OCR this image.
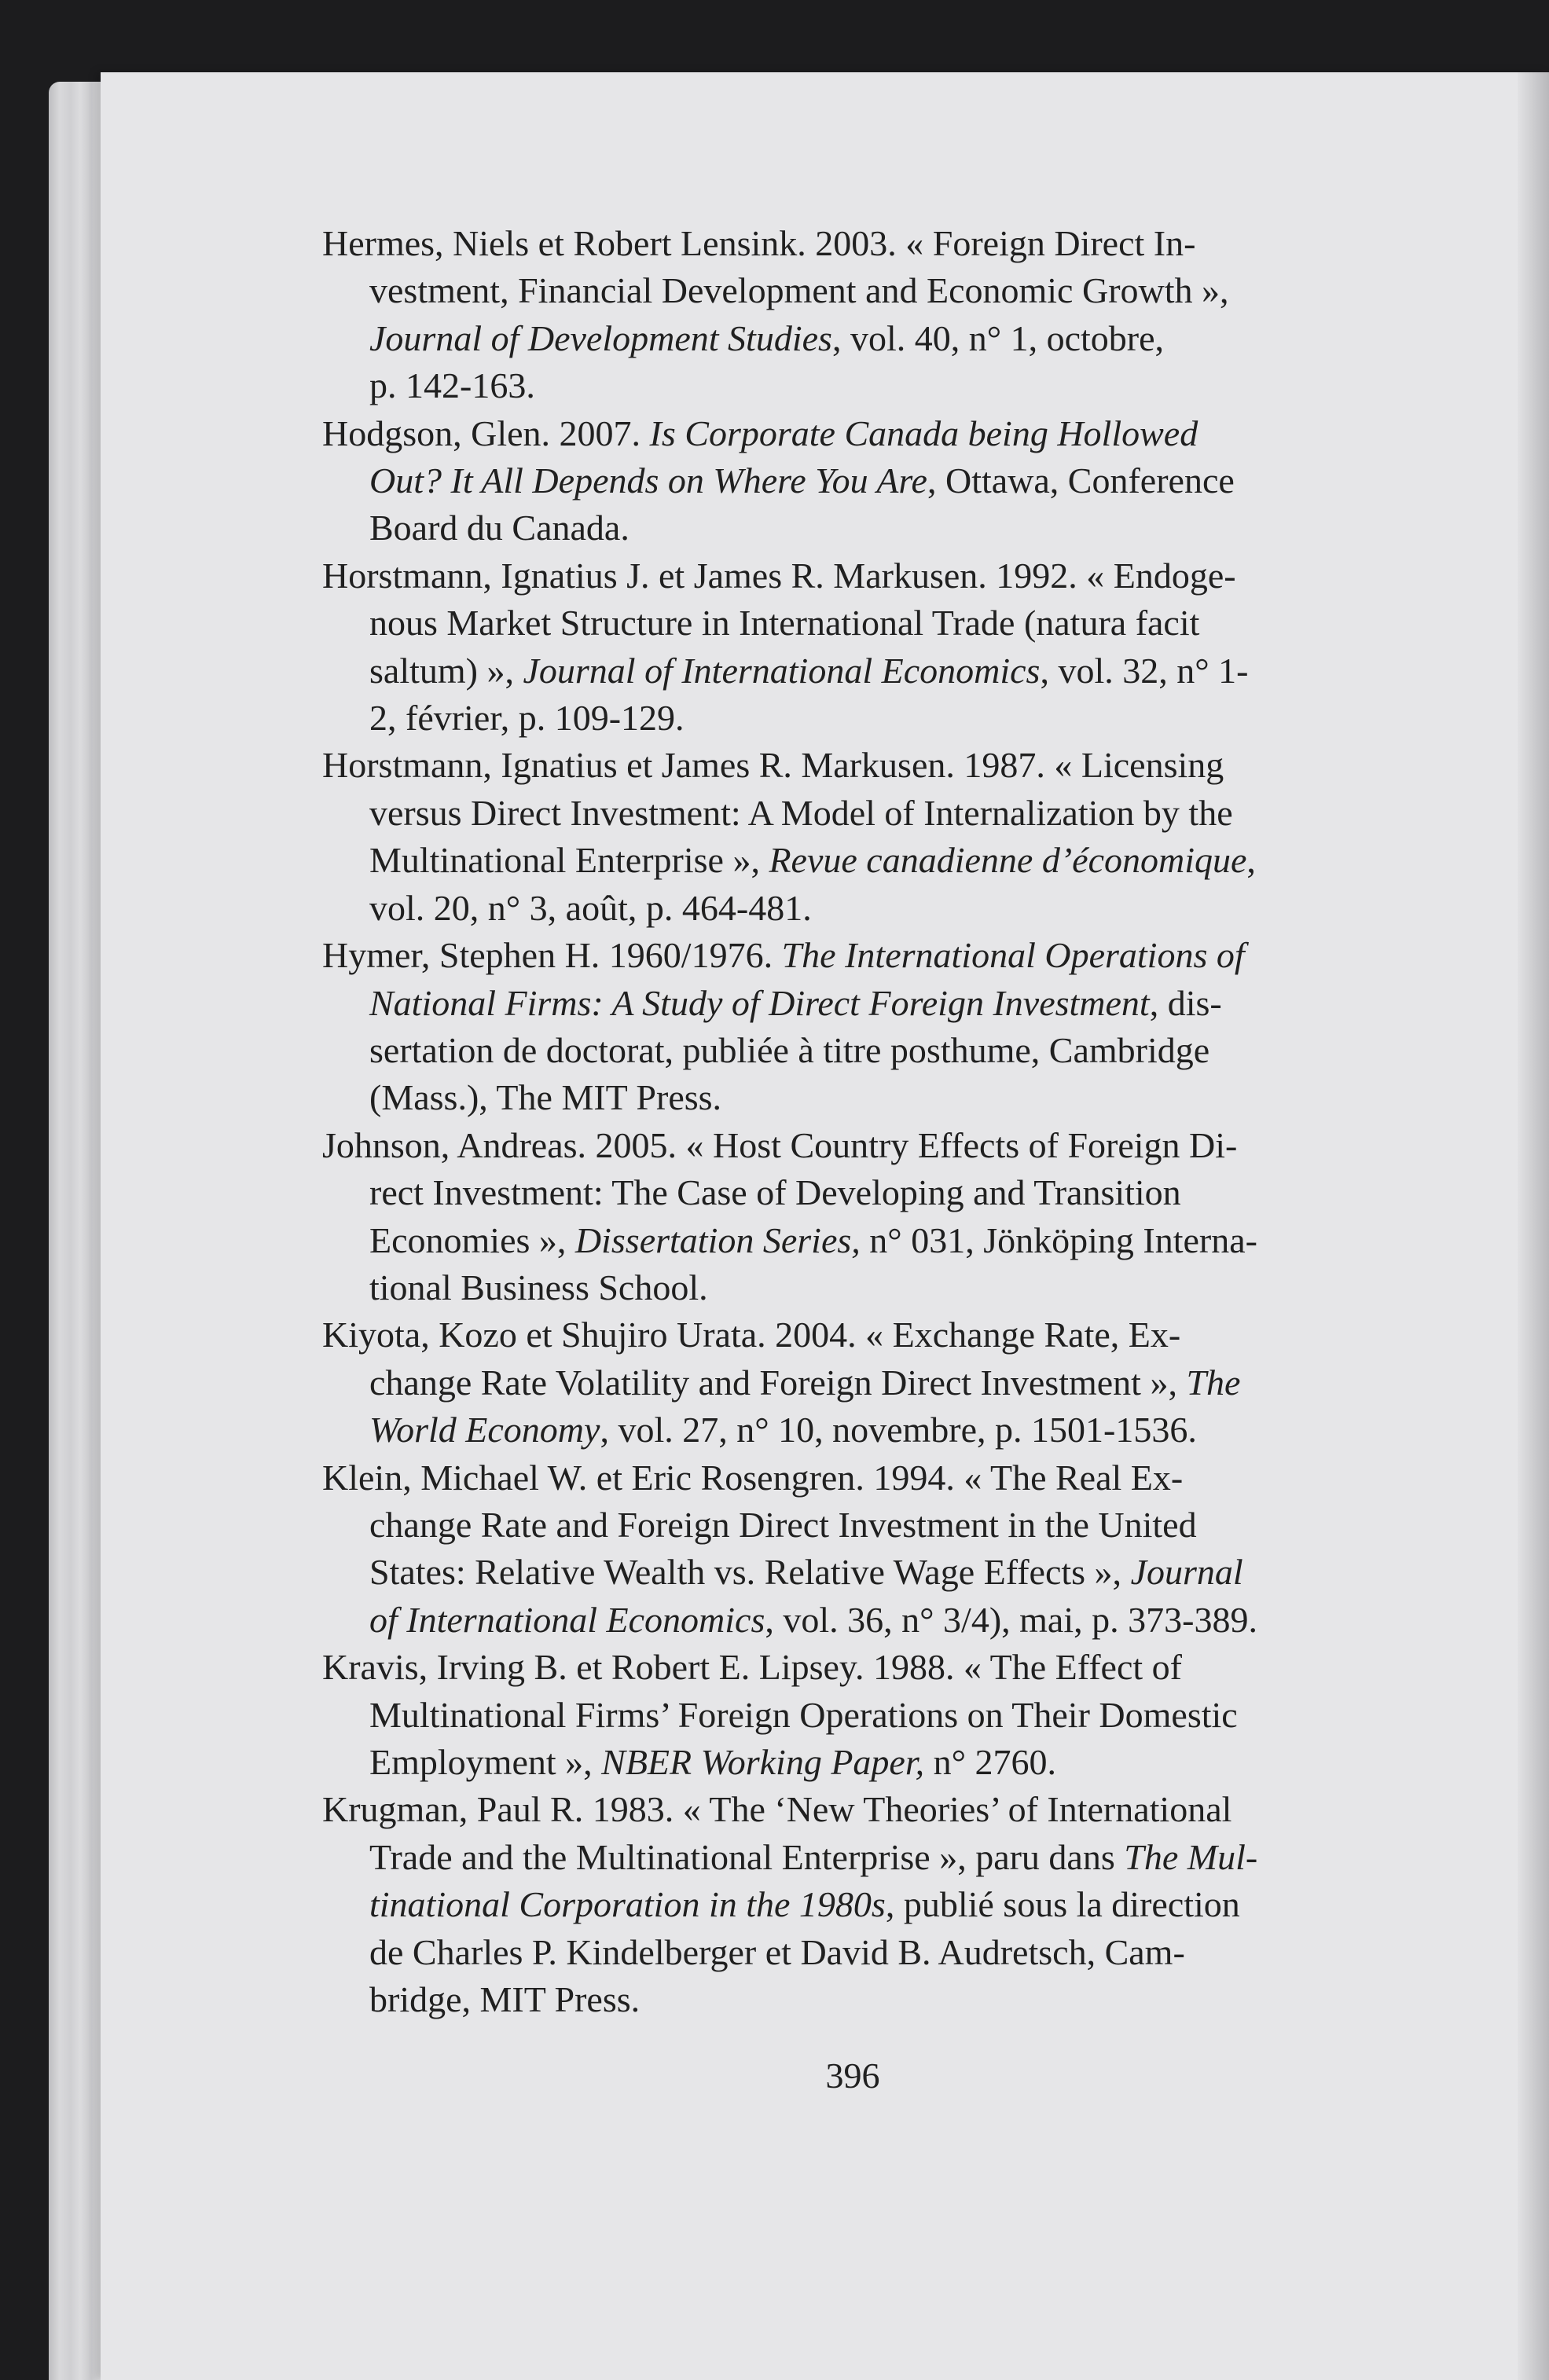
Hermes, Niels et Robert Lensink. 2003. « Foreign Direct In-
vestment, Financial Development and Economic Growth »,
Journal of Development Studies, vol. 40, n° 1, octobre,
p. 142-163.

Hodgson, Glen. 2007. Is Corporate Canada being Hollowed
Out? It All Depends on Where You Are, Ottawa, Conference
Board du Canada.

Horstmann, Ignatius J. et James R. Markusen. 1992. « Endoge-
nous Market Structure in International Trade (natura facit
saltum) », Journal of International Economics, vol. 32, n° 1-
2, février, p. 109-129.

Horstmann, Ignatius et James R. Markusen. 1987. « Licensing
versus Direct Investment: A Model of Internalization by the
Multinational Enterprise », Revue canadienne d’économique,
vol. 20, n° 3, août, p. 464-481.

Hymer, Stephen H. 1960/1976. The International Operations of
National Firms: A Study of Direct Foreign Investment, dis-
sertation de doctorat, publiée à titre posthume, Cambridge
(Mass.), The MIT Press.

Johnson, Andreas. 2005. « Host Country Effects of Foreign Di-
rect Investment: The Case of Developing and Transition
Economies », Dissertation Series, n° 031, Jönköping Interna-
tional Business School.

Kiyota, Kozo et Shujiro Urata. 2004. « Exchange Rate, Ex-
change Rate Volatility and Foreign Direct Investment », The
World Economy, vol. 27, n° 10, novembre, p. 1501-1536.

Klein, Michael W. et Eric Rosengren. 1994. « The Real Ex-
change Rate and Foreign Direct Investment in the United
States: Relative Wealth vs. Relative Wage Effects », Journal
of International Economics, vol. 36, n° 3/4), mai, p. 373-389.

Kravis, Irving B. et Robert E. Lipsey. 1988. « The Effect of
Multinational Firms’ Foreign Operations on Their Domestic
Employment », NBER Working Paper, n° 2760.

Krugman, Paul R. 1983. « The ‘New Theories’ of International
Trade and the Multinational Enterprise », paru dans The Mul-
tinational Corporation in the 1980s, publié sous la direction
de Charles P. Kindelberger et David B. Audretsch, Cam-
bridge, MIT Press.

396
